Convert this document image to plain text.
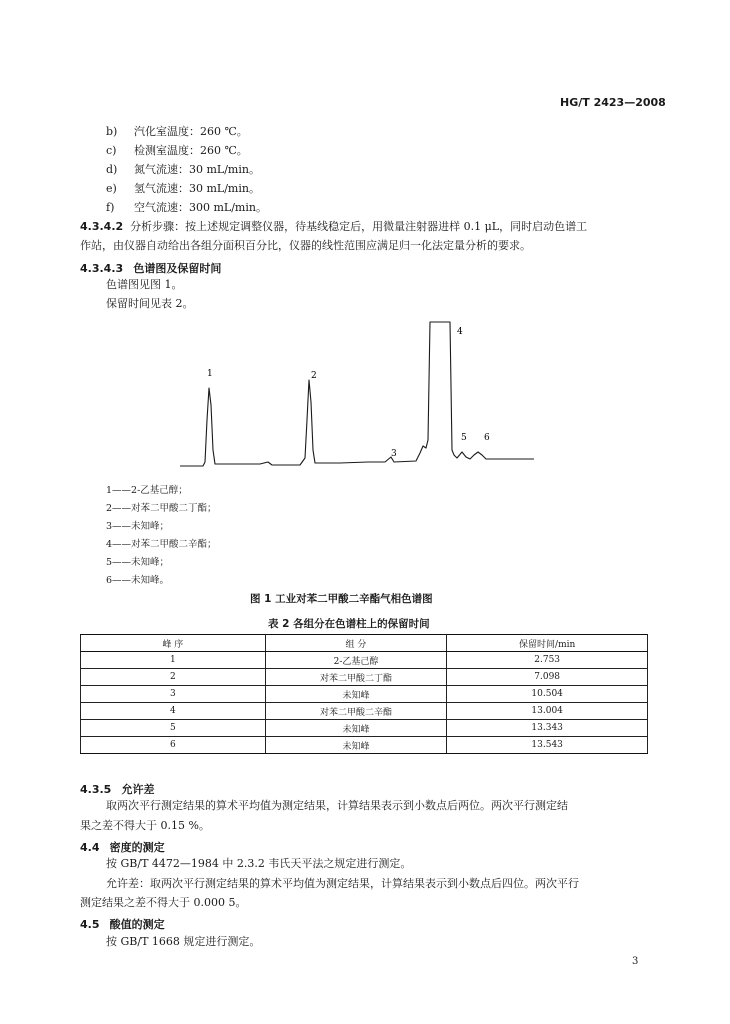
HG/T 2423—2008
b) 汽化室温度：260 ℃。
c) 检测室温度：260 ℃。
d) 氮气流速：30 mL/min。
e) 氢气流速：30 mL/min。
f) 空气流速：300 mL/min。
4.3.4.2 分析步骤：按上述规定调整仪器，待基线稳定后，用微量注射器进样 0.1 μL，同时启动色谱工
作站，由仪器自动给出各组分面积百分比，仪器的线性范围应满足归一化法定量分析的要求。
4.3.4.3 色谱图及保留时间
色谱图见图 1。
保留时间见表 2。
1	2
3
4
5 6
1——2-乙基己醇；
2——对苯二甲酸二丁酯；
3——未知峰；
4——对苯二甲酸二辛酯；
5——未知峰；
6——未知峰。
图 1 工业对苯二甲酸二辛酯气相色谱图
表 2 各组分在色谱柱上的保留时间
峰 序	组 分	保留时间/min
1	2-乙基己醇	2.753
2	对苯二甲酸二丁酯	7.098
3	未知峰	10.504
4	对苯二甲酸二辛酯	13.004
5	未知峰	13.343
6	未知峰	13.543
4.3.5 允许差
取两次平行测定结果的算术平均值为测定结果，计算结果表示到小数点后两位。两次平行测定结
果之差不得大于 0.15 %。
4.4 密度的测定
按 GB/T 4472—1984 中 2.3.2 韦氏天平法之规定进行测定。
允许差：取两次平行测定结果的算术平均值为测定结果，计算结果表示到小数点后四位。两次平行
测定结果之差不得大于 0.000 5。
4.5 酸值的测定
按 GB/T 1668 规定进行测定。
3
